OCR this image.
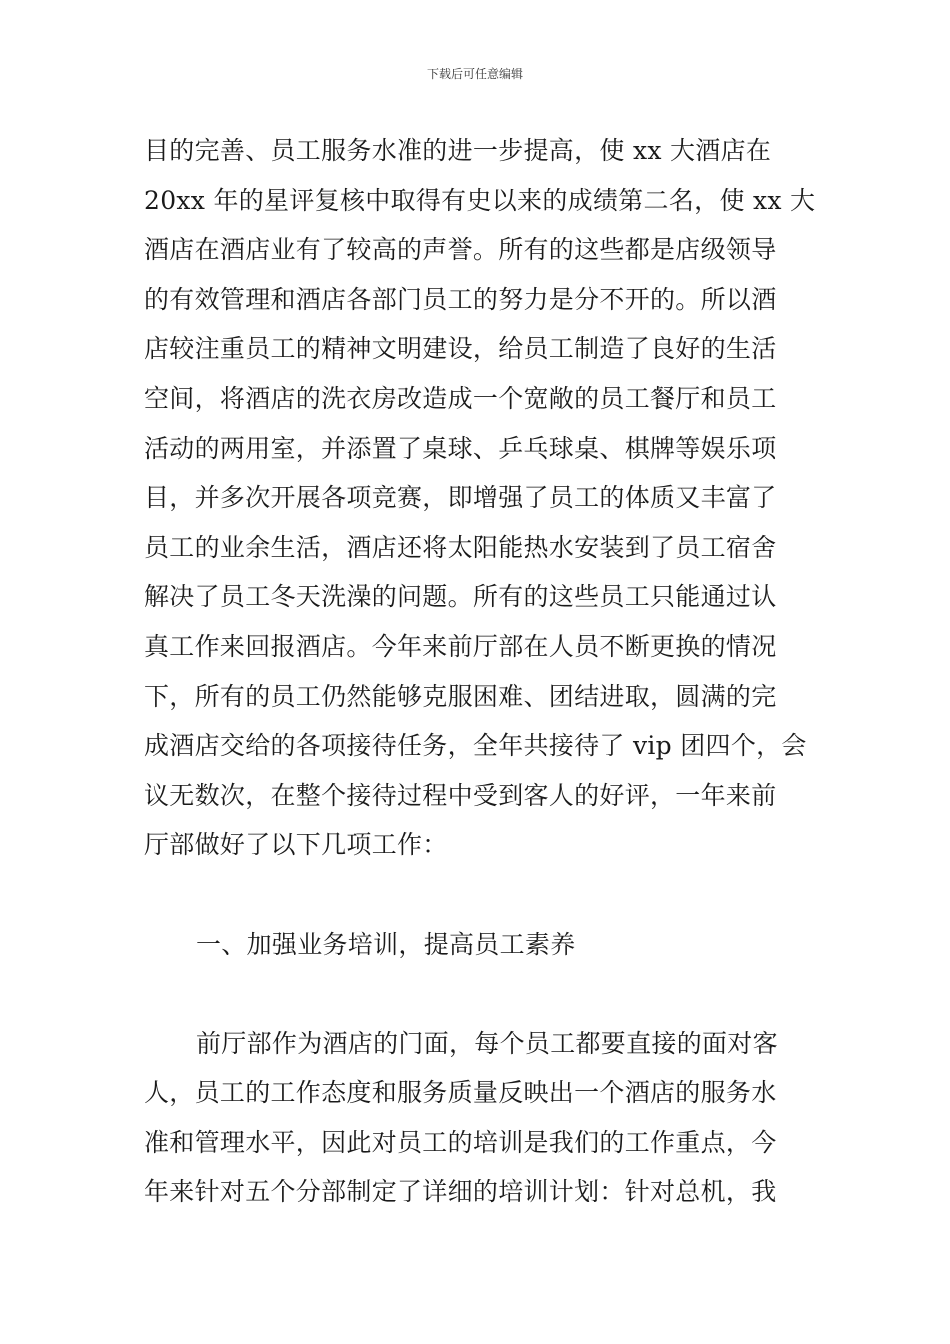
下载后可任意编辑
目的完善、员工服务水准的进一步提高，使 xx 大酒店在
20xx 年的星评复核中取得有史以来的成绩第二名，使 xx 大
酒店在酒店业有了较高的声誉。所有的这些都是店级领导
的有效管理和酒店各部门员工的努力是分不开的。所以酒
店较注重员工的精神文明建设，给员工制造了良好的生活
空间，将酒店的洗衣房改造成一个宽敞的员工餐厅和员工
活动的两用室，并添置了桌球、乒乓球桌、棋牌等娱乐项
目，并多次开展各项竞赛，即增强了员工的体质又丰富了
员工的业余生活，酒店还将太阳能热水安装到了员工宿舍
解决了员工冬天洗澡的问题。所有的这些员工只能通过认
真工作来回报酒店。今年来前厅部在人员不断更换的情况
下，所有的员工仍然能够克服困难、团结进取，圆满的完
成酒店交给的各项接待任务，全年共接待了 vip 团四个，会
议无数次，在整个接待过程中受到客人的好评，一年来前
厅部做好了以下几项工作：
一、加强业务培训，提高员工素养
前厅部作为酒店的门面，每个员工都要直接的面对客
人，员工的工作态度和服务质量反映出一个酒店的服务水
准和管理水平，因此对员工的培训是我们的工作重点，今
年来针对五个分部制定了详细的培训计划：针对总机，我
